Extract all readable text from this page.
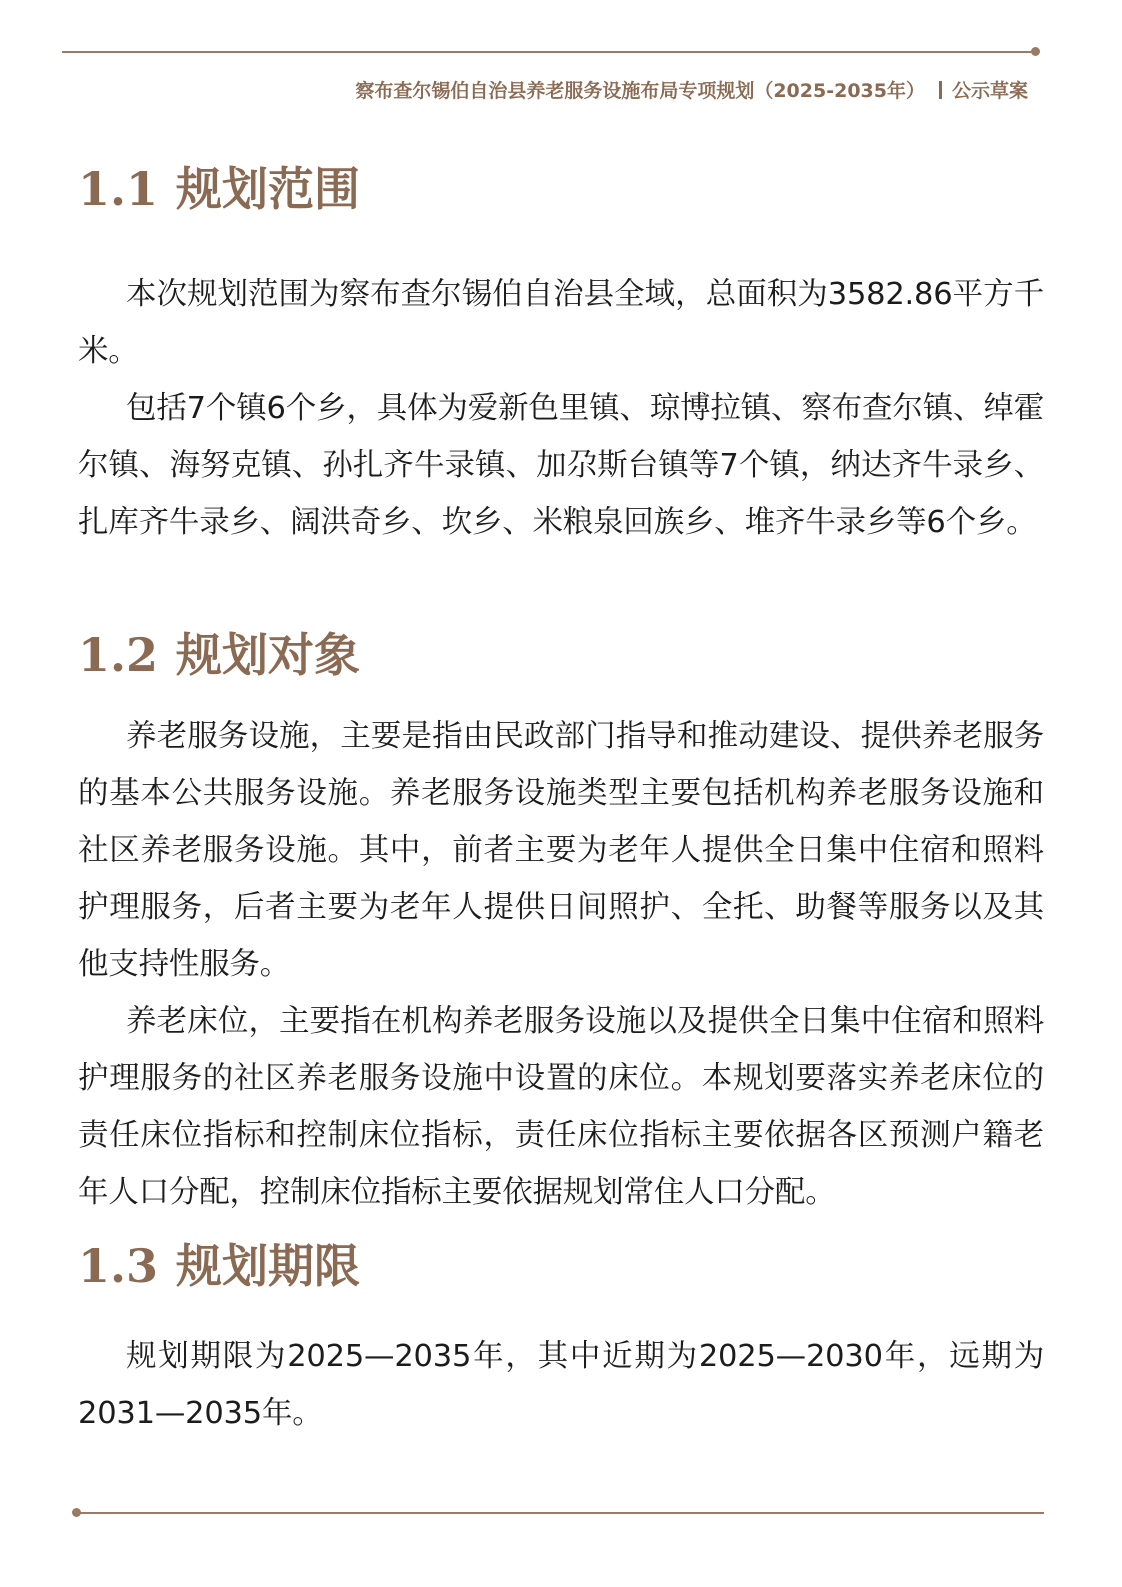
察布查尔锡伯自治县养老服务设施布局专项规划（2025-2035年） 公示草案
1.1 规划范围

本次规划范围为察布查尔锡伯自治县全域，总面积为3582.86平方千米。

包括7个镇6个乡，具体为爱新色里镇、琼博拉镇、察布查尔镇、绰霍尔镇、海努克镇、孙扎齐牛录镇、加尕斯台镇等7个镇，纳达齐牛录乡、扎库齐牛录乡、阔洪奇乡、坎乡、米粮泉回族乡、堆齐牛录乡等6个乡。

1.2 规划对象

养老服务设施，主要是指由民政部门指导和推动建设、提供养老服务的基本公共服务设施。养老服务设施类型主要包括机构养老服务设施和社区养老服务设施。其中，前者主要为老年人提供全日集中住宿和照料护理服务，后者主要为老年人提供日间照护、全托、助餐等服务以及其他支持性服务。

养老床位，主要指在机构养老服务设施以及提供全日集中住宿和照料护理服务的社区养老服务设施中设置的床位。本规划要落实养老床位的责任床位指标和控制床位指标，责任床位指标主要依据各区预测户籍老年人口分配，控制床位指标主要依据规划常住人口分配。

1.3 规划期限

规划期限为2025—2035年，其中近期为2025—2030年，远期为2031—2035年。
